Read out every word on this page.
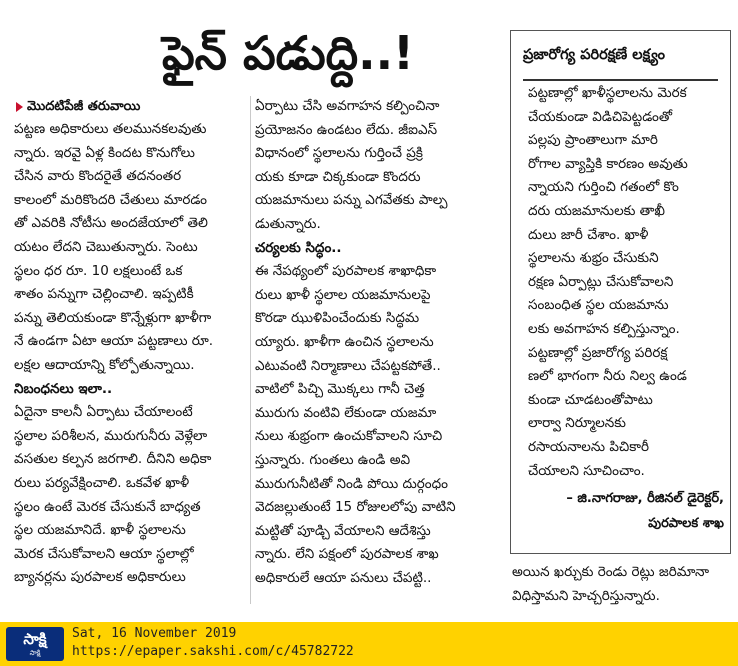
ఫైన్ పడుద్ది..!
మొదటిపేజీ తరువాయి
పట్టణ అధికారులు తలమునకలవుతు
న్నారు. ఇరవై ఏళ్ల కిందట కొనుగోలు
చేసిన వారు కొందరైతే తదనంతర
కాలంలో మరికొందరి చేతులు మారడం
తో ఎవరికి నోటీసు అందజేయాలో తెలి
యటం లేదని చెబుతున్నారు. సెంటు
స్థలం ధర రూ. 10 లక్షలుంటే ఒక
శాతం పన్నుగా చెల్లించాలి. ఇప్పటికీ
పన్ను తెలియకుండా కొన్నేళ్లుగా ఖాళీగా
నే ఉండగా ఏటా ఆయా పట్టణాలు రూ.
లక్షల ఆదాయాన్ని కోల్పోతున్నాయి.
నిబంధనలు ఇలా..
ఏదైనా కాలనీ ఏర్పాటు చేయాలంటే
స్థలాల పరిశీలన, మురుగునీరు వెళ్లేలా
వసతుల కల్పన జరగాలి. దీనిని అధికా
రులు పర్యవేక్షించాలి. ఒకవేళ ఖాళీ
స్థలం ఉంటే మెరక చేసుకునే బాధ్యత
స్థల యజమానిదే. ఖాళీ స్థలాలను
మెరక చేసుకోవాలని ఆయా స్థలాల్లో
బ్యానర్లను పురపాలక అధికారులు
ఏర్పాటు చేసి అవగాహన కల్పించినా
ప్రయోజనం ఉండటం లేదు. జీఐఎస్
విధానంలో స్థలాలను గుర్తించే ప్రక్రి
యకు కూడా చిక్కకుండా కొందరు
యజమానులు పన్ను ఎగవేతకు పాల్ప
డుతున్నారు.
చర్యలకు సిద్ధం..
ఈ నేపథ్యంలో పురపాలక శాఖాధికా
రులు ఖాళీ స్థలాల యజమానులపై
కొరడా ఝుళిపించేందుకు సిద్ధమ
య్యారు. ఖాళీగా ఉంచిన స్థలాలను
ఎటువంటి నిర్మాణాలు చేపట్టకపోతే..
వాటిలో పిచ్చి మొక్కలు గానీ చెత్త
మురుగు వంటివి లేకుండా యజమా
నులు శుభ్రంగా ఉంచుకోవాలని సూచి
స్తున్నారు. గుంతలు ఉండి అవి
మురుగునీటితో నిండి పోయి దుర్గంధం
వెదజల్లుతుంటే 15 రోజులలోపు వాటిని
మట్టితో పూడ్చి వేయాలని ఆదేశిస్తు
న్నారు. లేని పక్షంలో పురపాలక శాఖ
అధికారులే ఆయా పనులు చేపట్టి..
ప్రజారోగ్య పరిరక్షణే లక్ష్యం
పట్టణాల్లో ఖాళీస్థలాలను మెరక
చేయకుండా విడిచిపెట్టడంతో
పల్లపు ప్రాంతాలుగా మారి
రోగాల వ్యాప్తికి కారణం అవుతు
న్నాయని గుర్తించి గతంలో కొం
దరు యజమానులకు తాఖీ
దులు జారీ చేశాం. ఖాళీ
స్థలాలను శుభ్రం చేసుకుని
రక్షణ ఏర్పాట్లు చేసుకోవాలని
సంబంధిత స్థల యజమాను
లకు అవగాహన కల్పిస్తున్నాం.
పట్టణాల్లో ప్రజారోగ్య పరిరక్ష
ణలో భాగంగా నీరు నిల్వ ఉండ
కుండా చూడటంతోపాటు
లార్వా నిర్మూలనకు
రసాయనాలను పిచికారీ
చేయాలని సూచించాం.
– జి.నాగరాజు, రీజినల్ డైరెక్టర్,
పురపాలక శాఖ
అయిన ఖర్చుకు రెండు రెట్లు జరిమానా
విధిస్తామని హెచ్చరిస్తున్నారు.
సాక్షి
సాక్షి
Sat, 16 November 2019
https://epaper.sakshi.com/c/45782722
